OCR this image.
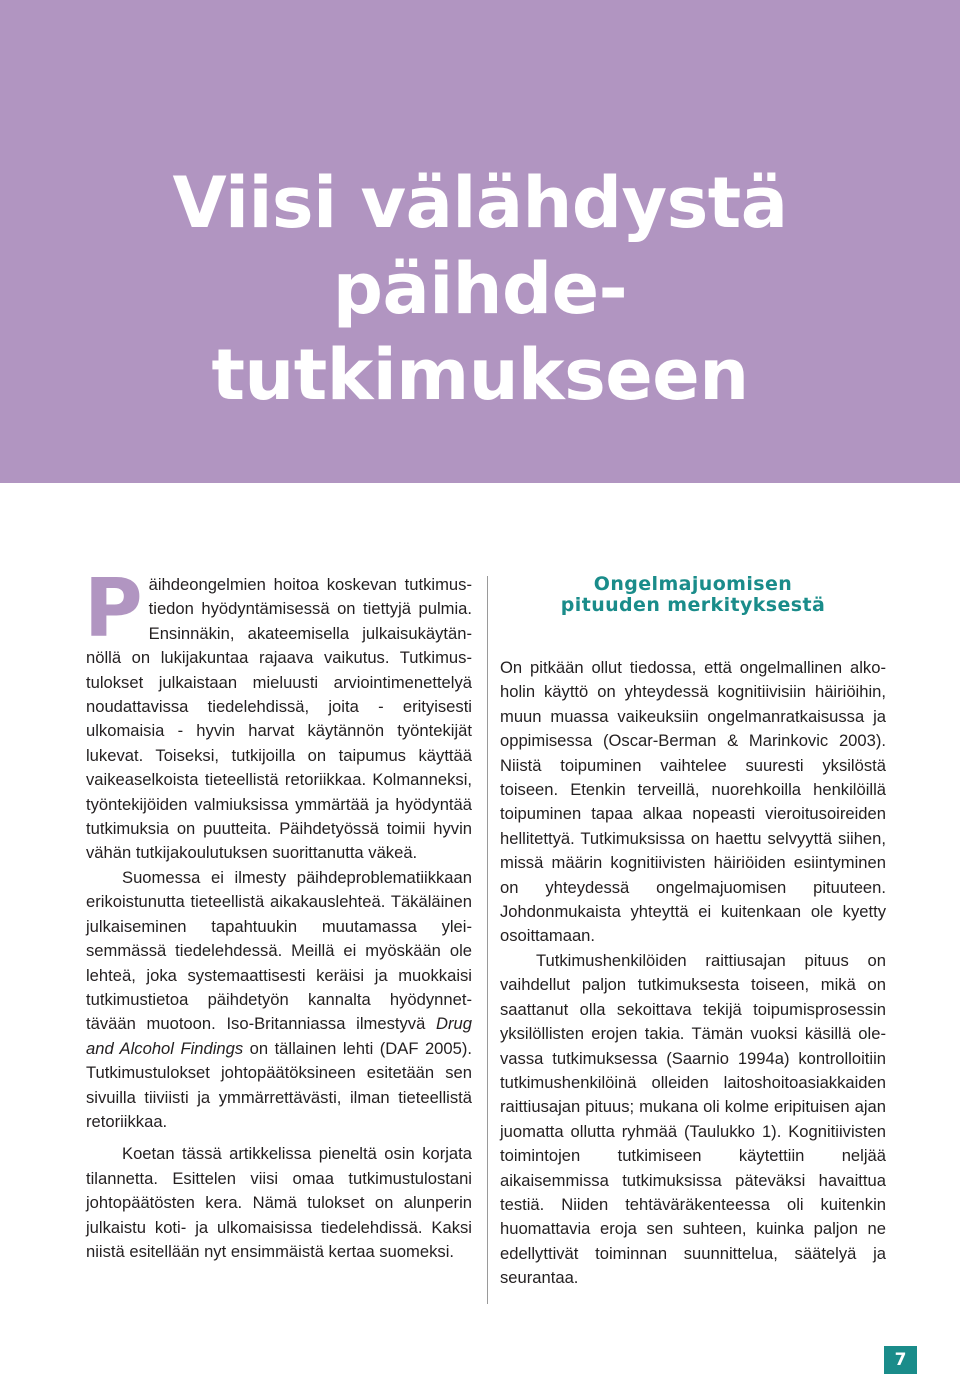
Viisi välähdystä
päihde-
tutkimukseen

Päihdeongelmien hoitoa koskevan tutkimustiedon hyödyntämisessä on tiettyjä pulmia. Ensinnäkin, akateemisella julkaisukäytännöllä on lukijakuntaa rajaava vaikutus. Tutkimustulokset julkaistaan mieluusti arviointimenettelyä noudattavissa tiedelehdissä, joita - erityisesti ulkomaisia - hyvin harvat käytännön työntekijät lukevat. Toiseksi, tutkijoilla on taipumus käyttää vaikeaselkoista tieteellistä retoriikkaa. Kolmanneksi, työntekijöiden valmiuksissa ymmärtää ja hyödyntää tutkimuksia on puutteita. Päihdetyössä toimii hyvin vähän tutkijakoulutuksen suorittanutta väkeä.

Suomessa ei ilmesty päihdeproblematiikkaan erikoistunutta tieteellistä aikakauslehteä. Täkäläinen julkaiseminen tapahtuukin muutamassa yleisemmässä tiedelehdessä. Meillä ei myöskään ole lehteä, joka systemaattisesti keräisi ja muokkaisi tutkimustietoa päihdetyön kannalta hyödynnettävään muotoon. Iso-Britanniassa ilmestyvä Drug and Alcohol Findings on tällainen lehti (DAF 2005). Tutkimustulokset johtopäätöksineen esitetään sen sivuilla tiiviisti ja ymmärrettävästi, ilman tieteellistä retoriikkaa.

Koetan tässä artikkelissa pieneltä osin korjata tilannetta. Esittelen viisi omaa tutkimustulostani johtopäätösten kera. Nämä tulokset on alunperin julkaistu koti- ja ulkomaisissa tiedelehdissä. Kaksi niistä esitellään nyt ensimmäistä kertaa suomeksi.

Ongelmajuomisen
pituuden merkityksestä

On pitkään ollut tiedossa, että ongelmallinen alkoholin käyttö on yhteydessä kognitiivisiin häiriöihin, muun muassa vaikeuksiin ongelmanratkaisussa ja oppimisessa (Oscar-Berman & Marinkovic 2003). Niistä toipuminen vaihtelee suuresti yksilöstä toiseen. Etenkin terveillä, nuorehkoilla henkilöillä toipuminen tapaa alkaa nopeasti vieroitusoireiden hellitettyä. Tutkimuksissa on haettu selvyyttä siihen, missä määrin kognitiivisten häiriöiden esiintyminen on yhteydessä ongelmajuomisen pituuteen. Johdonmukaista yhteyttä ei kuitenkaan ole kyetty osoittamaan.

Tutkimushenkilöiden raittiusajan pituus on vaihdellut paljon tutkimuksesta toiseen, mikä on saattanut olla sekoittava tekijä toipumisprosessin yksilöllisten erojen takia. Tämän vuoksi käsillä olevassa tutkimuksessa (Saarnio 1994a) kontrolloitiin tutkimushenkilöinä olleiden laitoshoitoasiakkaiden raittiusajan pituus; mukana oli kolme eripituisen ajan juomatta ollutta ryhmää (Taulukko 1). Kognitiivisten toimintojen tutkimiseen käytettiin neljää aikaisemmissa tutkimuksissa päteväksi havaittua testiä. Niiden tehtäväräkenteessa oli kuitenkin huomattavia eroja sen suhteen, kuinka paljon ne edellyttivät toiminnan suunnittelua, säätelyä ja seurantaa.

7
